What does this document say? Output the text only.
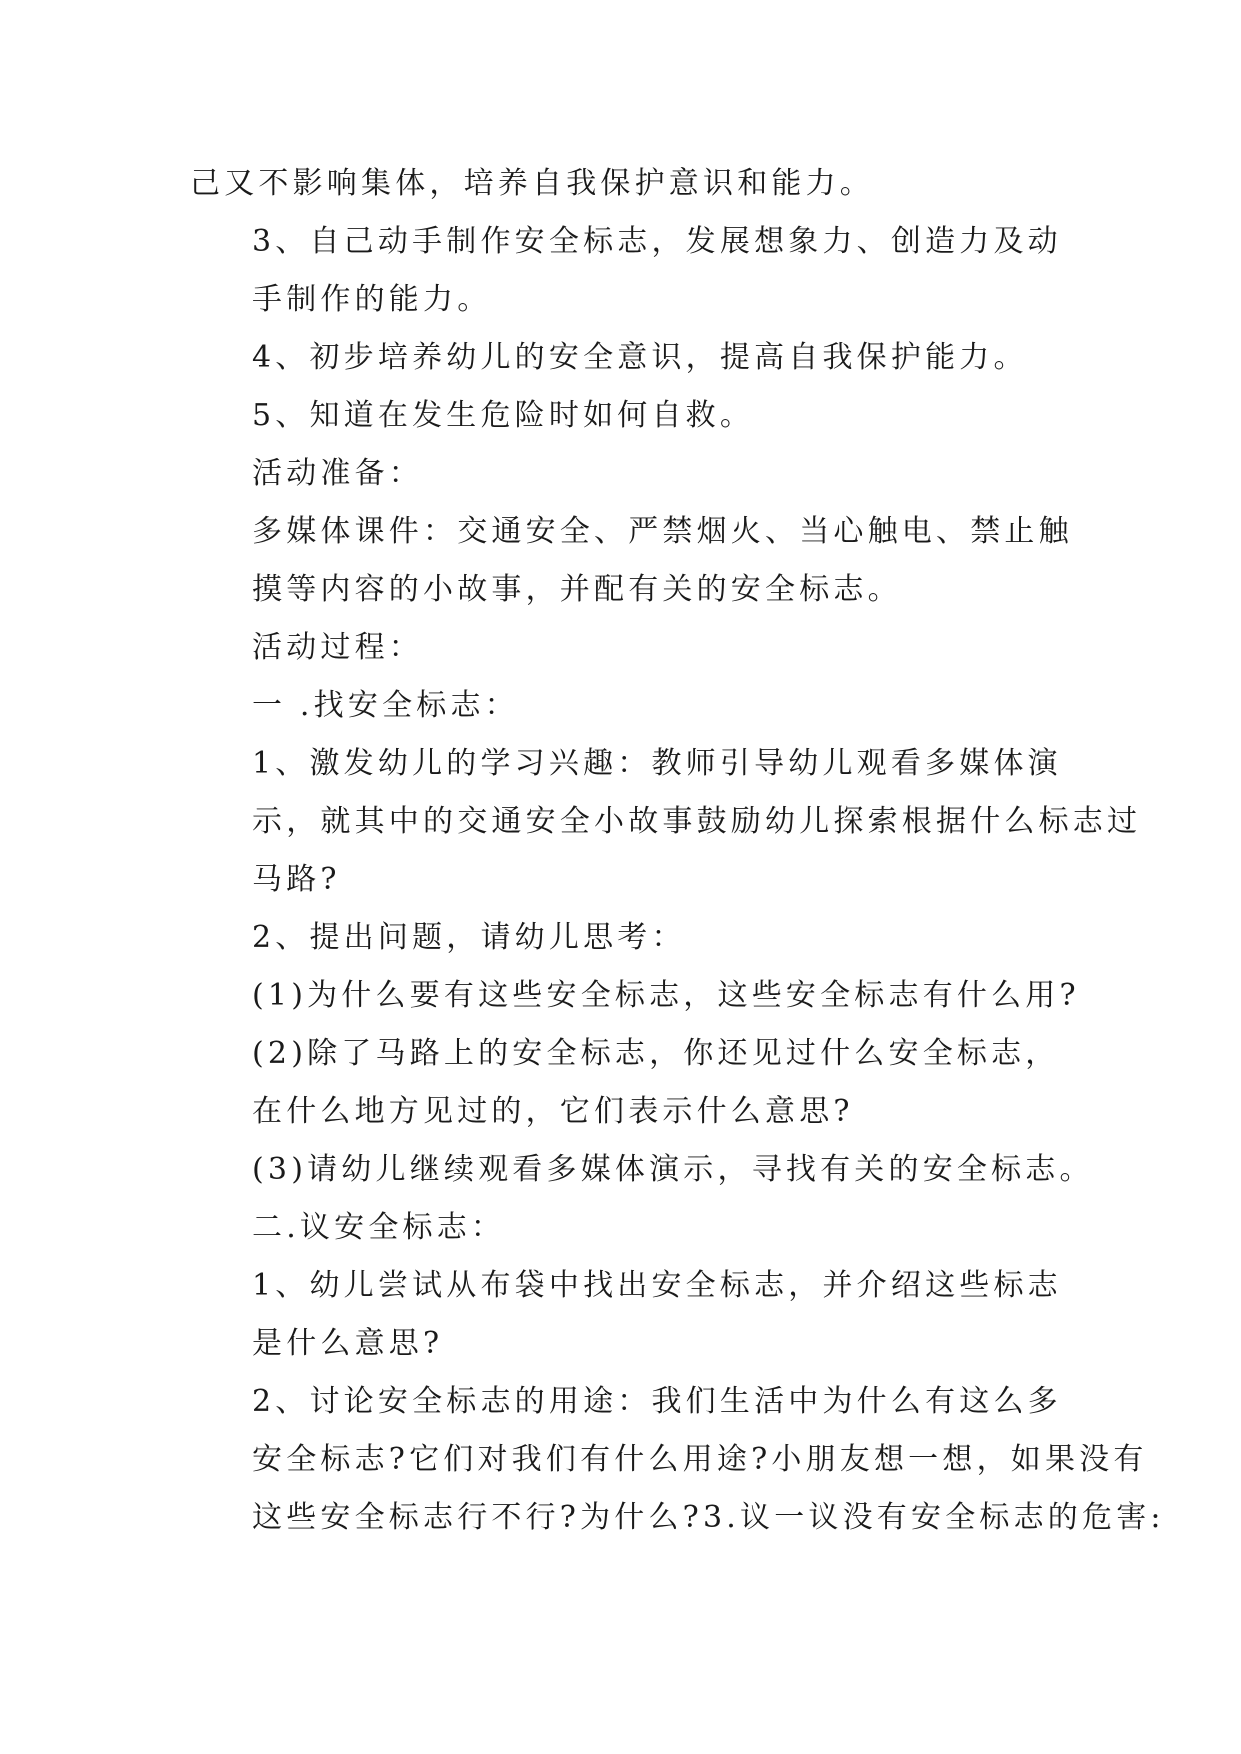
己又不影响集体，培养自我保护意识和能力。
3、自己动手制作安全标志，发展想象力、创造力及动
手制作的能力。
4、初步培养幼儿的安全意识，提高自我保护能力。
5、知道在发生危险时如何自救。
活动准备：
多媒体课件：交通安全、严禁烟火、当心触电、禁止触
摸等内容的小故事，并配有关的安全标志。
活动过程：
一 .找安全标志：
1、激发幼儿的学习兴趣：教师引导幼儿观看多媒体演
示，就其中的交通安全小故事鼓励幼儿探索根据什么标志过
马路?
2、提出问题，请幼儿思考：
(1)为什么要有这些安全标志，这些安全标志有什么用?
(2)除了马路上的安全标志，你还见过什么安全标志，
在什么地方见过的，它们表示什么意思?
(3)请幼儿继续观看多媒体演示，寻找有关的安全标志。
二.议安全标志：
1、幼儿尝试从布袋中找出安全标志，并介绍这些标志
是什么意思?
2、讨论安全标志的用途：我们生活中为什么有这么多
安全标志?它们对我们有什么用途?小朋友想一想，如果没有
这些安全标志行不行?为什么?3.议一议没有安全标志的危害:
